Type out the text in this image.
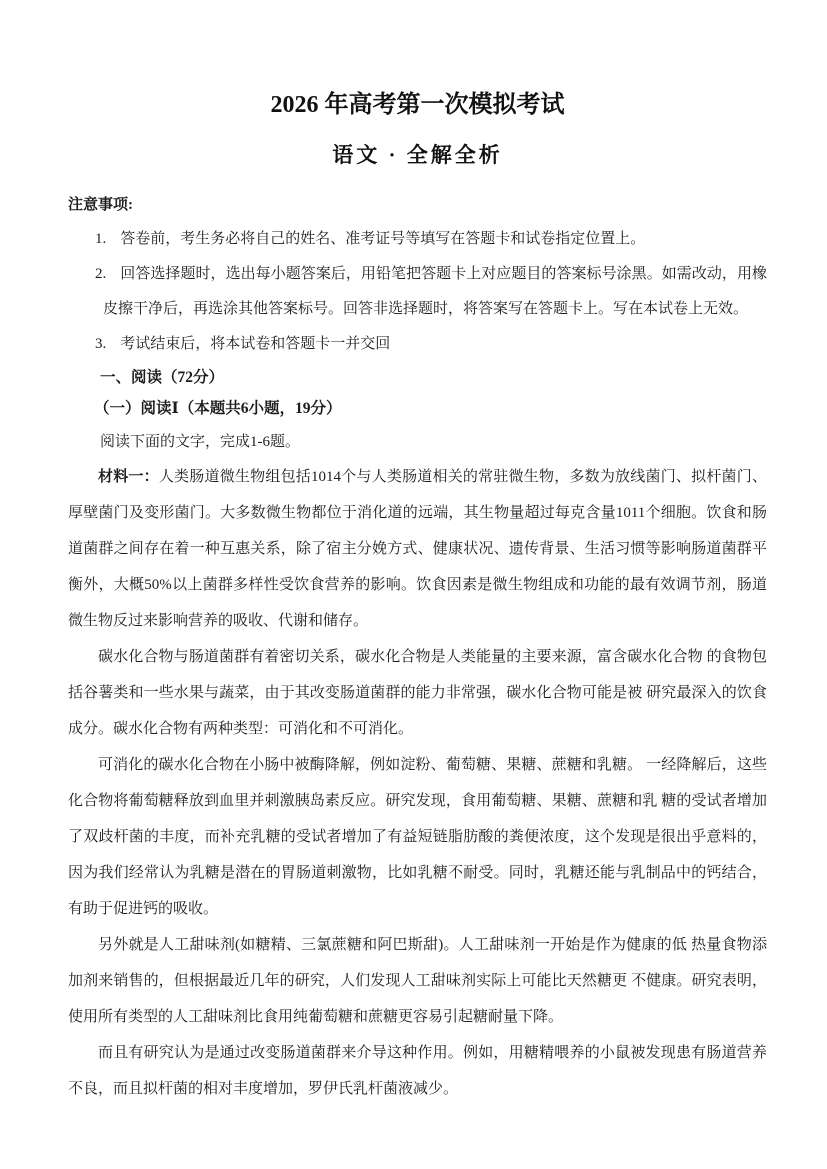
2026 年高考第一次模拟考试
语文 · 全解全析

注意事项:

1. 答卷前，考生务必将自己的姓名、准考证号等填写在答题卡和试卷指定位置上。

2. 回答选择题时，选出每小题答案后，用铅笔把答题卡上对应题目的答案标号涂黑。如需改动，用橡皮擦干净后，再选涂其他答案标号。回答非选择题时，将答案写在答题卡上。写在本试卷上无效。

3. 考试结束后，将本试卷和答题卡一并交回

一、阅读（72分）

（一）阅读Ⅰ（本题共6小题，19分）

阅读下面的文字，完成1-6题。

材料一：人类肠道微生物组包括1014个与人类肠道相关的常驻微生物，多数为放线菌门、拟杆菌门、厚壁菌门及变形菌门。大多数微生物都位于消化道的远端，其生物量超过每克含量1011个细胞。饮食和肠道菌群之间存在着一种互惠关系，除了宿主分娩方式、健康状况、遗传背景、生活习惯等影响肠道菌群平衡外，大概50%以上菌群多样性受饮食营养的影响。饮食因素是微生物组成和功能的最有效调节剂，肠道微生物反过来影响营养的吸收、代谢和储存。

碳水化合物与肠道菌群有着密切关系，碳水化合物是人类能量的主要来源，富含碳水化合物 的食物包括谷薯类和一些水果与蔬菜，由于其改变肠道菌群的能力非常强，碳水化合物可能是被 研究最深入的饮食成分。碳水化合物有两种类型：可消化和不可消化。

可消化的碳水化合物在小肠中被酶降解，例如淀粉、葡萄糖、果糖、蔗糖和乳糖。 一经降解后，这些化合物将葡萄糖释放到血里并刺激胰岛素反应。研究发现，食用葡萄糖、果糖、蔗糖和乳 糖的受试者增加了双歧杆菌的丰度，而补充乳糖的受试者增加了有益短链脂肪酸的粪便浓度，这个发现是很出乎意料的，因为我们经常认为乳糖是潜在的胃肠道刺激物，比如乳糖不耐受。同时，乳糖还能与乳制品中的钙结合，有助于促进钙的吸收。

另外就是人工甜味剂(如糖精、三氯蔗糖和阿巴斯甜)。人工甜味剂一开始是作为健康的低 热量食物添加剂来销售的，但根据最近几年的研究，人们发现人工甜味剂实际上可能比天然糖更 不健康。研究表明，使用所有类型的人工甜味剂比食用纯葡萄糖和蔗糖更容易引起糖耐量下降。

而且有研究认为是通过改变肠道菌群来介导这种作用。例如，用糖精喂养的小鼠被发现患有肠道营养不良，而且拟杆菌的相对丰度增加，罗伊氏乳杆菌液减少。
